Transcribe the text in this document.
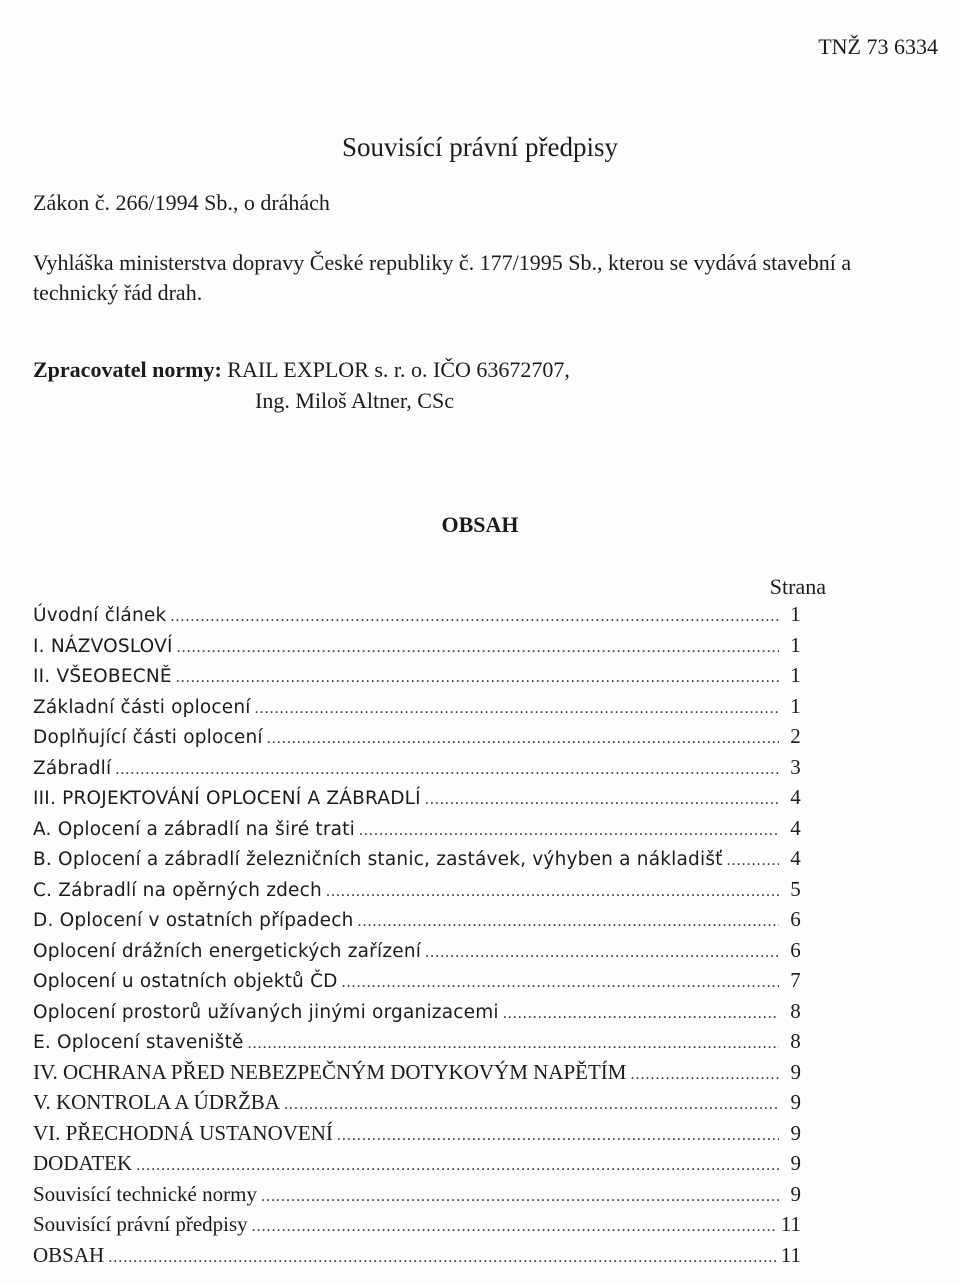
TNŽ 73 6334
Souvisící právní předpisy
Zákon č. 266/1994 Sb., o dráhách
Vyhláška ministerstva dopravy České republiky č. 177/1995 Sb., kterou se vydává stavební a technický řád drah.
Zpracovatel normy: RAIL EXPLOR s. r. o. IČO 63672707,
Ing. Miloš Altner, CSc
OBSAH
Strana
Úvodní článek .....	1
I. NÁZVOSLOVÍ .....	1
II. VŠEOBECNĚ .....	1
Základní části oplocení .....	1
Doplňující části oplocení .....	2
Zábradlí .....	3
III. PROJEKTOVÁNÍ OPLOCENÍ A ZÁBRADLÍ .....	4
A. Oplocení a zábradlí na širé trati .....	4
B. Oplocení a zábradlí železničních stanic, zastávek, výhyben a nákladišť .....	4
C. Zábradlí na opěrných zdech .....	5
D. Oplocení v ostatních případech .....	6
Oplocení drážních energetických zařízení .....	6
Oplocení u ostatních objektů ČD .....	7
Oplocení prostorů užívaných jinými organizacemi .....	8
E. Oplocení staveniště .....	8
IV. OCHRANA PŘED NEBEZPEČNÝM DOTYKOVÝM NAPĚTÍM .....	9
V. KONTROLA A ÚDRŽBA .....	9
VI. PŘECHODNÁ USTANOVENÍ .....	9
DODATEK .....	9
Souvisící technické normy .....	9
Souvisící právní předpisy .....	11
OBSAH .....	11
